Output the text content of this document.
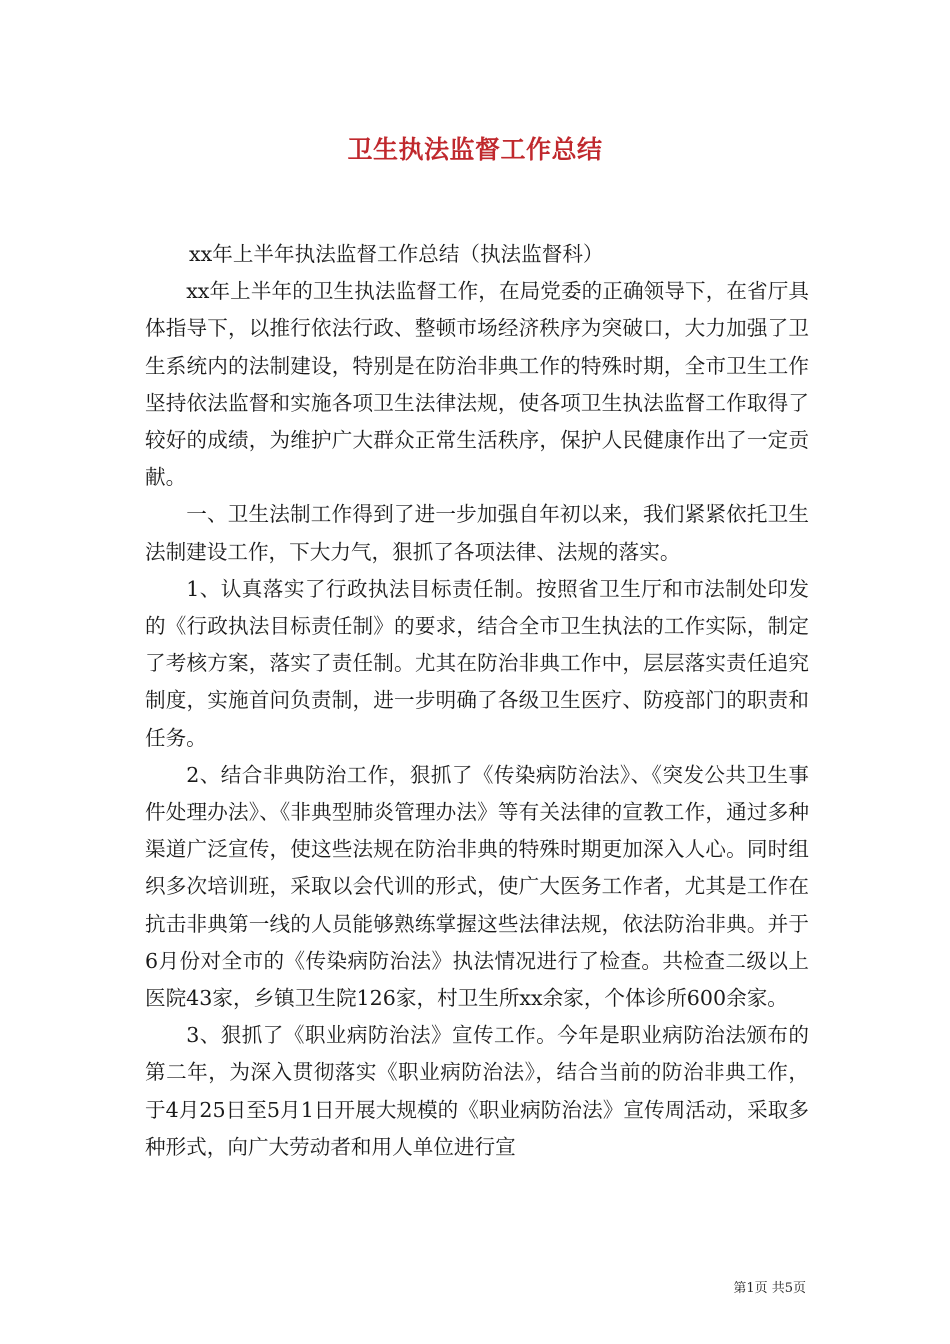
卫生执法监督工作总结
xx年上半年执法监督工作总结（执法监督科）

xx年上半年的卫生执法监督工作，在局党委的正确领导下，在省厅具体指导下，以推行依法行政、整顿市场经济秩序为突破口，大力加强了卫生系统内的法制建设，特别是在防治非典工作的特殊时期，全市卫生工作坚持依法监督和实施各项卫生法律法规，使各项卫生执法监督工作取得了较好的成绩，为维护广大群众正常生活秩序，保护人民健康作出了一定贡献。

一、卫生法制工作得到了进一步加强自年初以来，我们紧紧依托卫生法制建设工作，下大力气，狠抓了各项法律、法规的落实。

1、认真落实了行政执法目标责任制。按照省卫生厅和市法制处印发的《行政执法目标责任制》的要求，结合全市卫生执法的工作实际，制定了考核方案，落实了责任制。尤其在防治非典工作中，层层落实责任追究制度，实施首问负责制，进一步明确了各级卫生医疗、防疫部门的职责和任务。

2、结合非典防治工作，狠抓了《传染病防治法》、《突发公共卫生事件处理办法》、《非典型肺炎管理办法》等有关法律的宣教工作，通过多种渠道广泛宣传，使这些法规在防治非典的特殊时期更加深入人心。同时组织多次培训班，采取以会代训的形式，使广大医务工作者，尤其是工作在抗击非典第一线的人员能够熟练掌握这些法律法规，依法防治非典。并于6月份对全市的《传染病防治法》执法情况进行了检查。共检查二级以上医院43家，乡镇卫生院126家，村卫生所xx余家，个体诊所600余家。

3、狠抓了《职业病防治法》宣传工作。今年是职业病防治法颁布的第二年，为深入贯彻落实《职业病防治法》，结合当前的防治非典工作，于4月25日至5月1日开展大规模的《职业病防治法》宣传周活动，采取多种形式，向广大劳动者和用人单位进行宣

第1页 共5页
